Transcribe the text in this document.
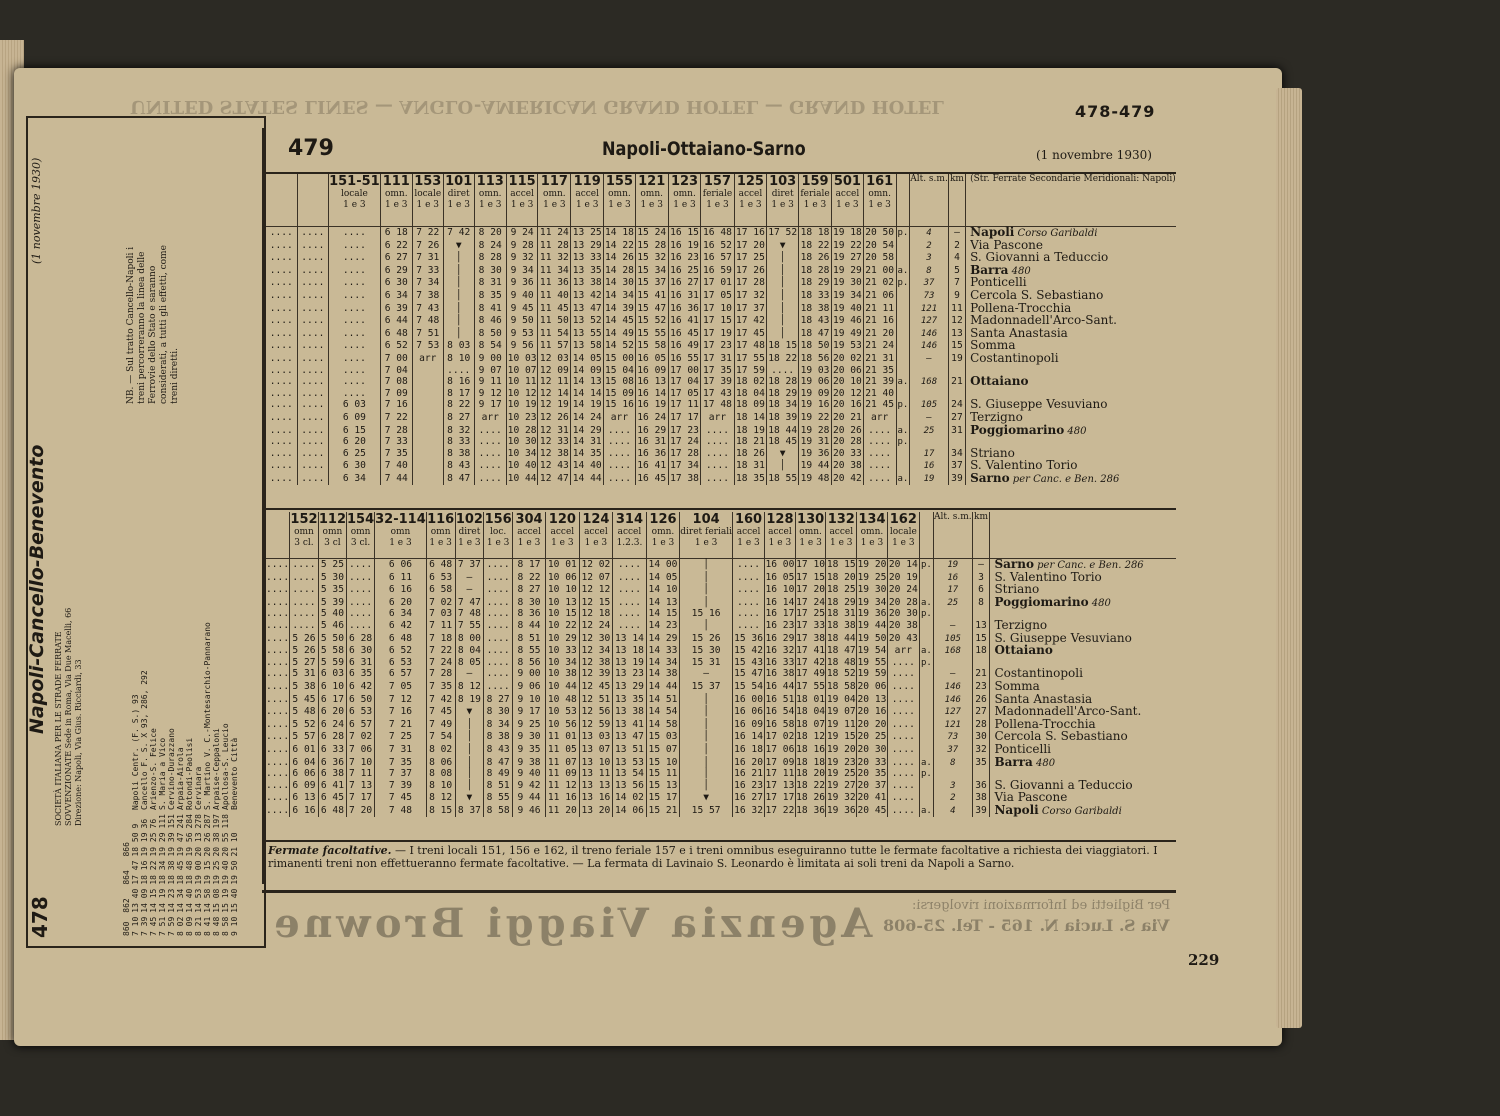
UNITED STATES LINES — ANGLO-AMERICAN GRAND HOTEL — GRAND HOTEL	478-479
478
Napoli-Cancello-Benevento
(1 novembre 1930)
SOCIETÀ ITALIANA PER LE STRADE FERRATE SOVVENZIONATE Sede in Roma, Via Due Macelli, 66 Direzione: Napoli, Via Gius. Ricciardi, 33
NB. — Sul tratto Cancello-Napoli i treni percorreranno la linea delle Ferrovie dello Stato e saranno considerati, a tutti gli effetti, come treni diretti.
860	862	864	866		
7 10	13 40	17 47	18 50	9	Napoli Centr. (F. S.) 93
7 39	14 09	18 16	19 19	36	Cancello F. S. X 93, 286, 292
7 45	14 15	18 22	19 25	76	Arienzo-S. Felice
7 51	14 19	18 34	19 29	111	S. Maria a Vico
7 59	14 23	18 38	19 39	151	Cervino-Durazzano
8 02	14 34	18 45	19 47	241	Arpaia-Airola
8 09	14 40	18 48	19 56	284	Rotondi-Paolisi
8 21	14 53	19 00	20 13	278	Cervinara
8 41	14 58	19 15	20 26	287	S. Martino V. C.-Montesarchio-Pannarano
8 48	15 08	19 25	20 38	197	Arpaise-Ceppaloni
8 58	15 19	19 40	20 55	118	Apollosa-S. Leucio
9 10	15 40	19 50	21 10		Benevento Città
479	Napoli-Ottaiano-Sarno	(1 novembre 1930)

		151-51
locale
1 e 3	111
omn.
1 e 3	153
locale
1 e 3	101
diret
1 e 3	113
omn.
1 e 3	115
accel
1 e 3	117
omn.
1 e 3	119
accel
1 e 3	155
omn.
1 e 3	121
omn.
1 e 3	123
omn.
1 e 3	157
feriale
1 e 3	125
accel
1 e 3	103
diret
1 e 3	159
feriale
1 e 3	501
accel
1 e 3	161
omn.
1 e 3		Alt. s.m.	km	(Str. Ferrate Secondarie Meridionali: Napoli)

....	....	....	6 18	7 22	7 42	8 20	9 24	11 24	13 25	14 18	15 24	16 15	16 48	17 16	17 52	18 18	19 18	20 50	p.	4	—	Napoli Corso Garibaldi
....	....	....	6 22	7 26	▼	8 24	9 28	11 28	13 29	14 22	15 28	16 19	16 52	17 20	▼	18 22	19 22	20 54		2	2	Via Pascone
....	....	....	6 27	7 31	│	8 28	9 32	11 32	13 33	14 26	15 32	16 23	16 57	17 25	│	18 26	19 27	20 58		3	4	S. Giovanni a Teduccio
....	....	....	6 29	7 33	│	8 30	9 34	11 34	13 35	14 28	15 34	16 25	16 59	17 26	│	18 28	19 29	21 00	a.	8	5	Barra 480
....	....	....	6 30	7 34	│	8 31	9 36	11 36	13 38	14 30	15 37	16 27	17 01	17 28	│	18 29	19 30	21 02	p.	37	7	Ponticelli
....	....	....	6 34	7 38	│	8 35	9 40	11 40	13 42	14 34	15 41	16 31	17 05	17 32	│	18 33	19 34	21 06		73	9	Cercola S. Sebastiano
....	....	....	6 39	7 43	│	8 41	9 45	11 45	13 47	14 39	15 47	16 36	17 10	17 37	│	18 38	19 40	21 11		121	11	Pollena-Trocchia
....	....	....	6 44	7 48	│	8 46	9 50	11 50	13 52	14 45	15 52	16 41	17 15	17 42	│	18 43	19 46	21 16		127	12	Madonnadell'Arco-Sant.
....	....	....	6 48	7 51	│	8 50	9 53	11 54	13 55	14 49	15 55	16 45	17 19	17 45	│	18 47	19 49	21 20		146	13	Santa Anastasia
....	....	....	6 52	7 53	8 03	8 54	9 56	11 57	13 58	14 52	15 58	16 49	17 23	17 48	18 15	18 50	19 53	21 24		146	15	Somma
....	....	....	7 00	arr	8 10	9 00	10 03	12 03	14 05	15 00	16 05	16 55	17 31	17 55	18 22	18 56	20 02	21 31		—	19	Costantinopoli
....	....	....	7 04		....	9 07	10 07	12 09	14 09	15 04	16 09	17 00	17 35	17 59	....	19 03	20 06	21 35				
....	....	....	7 08		8 16	9 11	10 11	12 11	14 13	15 08	16 13	17 04	17 39	18 02	18 28	19 06	20 10	21 39	a.	168	21	Ottaiano
....	....	....	7 09		8 17	9 12	10 12	12 14	14 14	15 09	16 14	17 05	17 43	18 04	18 29	19 09	20 12	21 40				
....	....	6 03	7 16		8 22	9 17	10 19	12 19	14 19	15 16	16 19	17 11	17 48	18 09	18 34	19 16	20 16	21 45	p.	105	24	S. Giuseppe Vesuviano
....	....	6 09	7 22		8 27	arr	10 23	12 26	14 24	arr	16 24	17 17	arr	18 14	18 39	19 22	20 21	arr		—	27	Terzigno
....	....	6 15	7 28		8 32	....	10 28	12 31	14 29	....	16 29	17 23	....	18 19	18 44	19 28	20 26	....	a.	25	31	Poggiomarino 480
....	....	6 20	7 33		8 33	....	10 30	12 33	14 31	....	16 31	17 24	....	18 21	18 45	19 31	20 28	....	p.			
....	....	6 25	7 35		8 38	....	10 34	12 38	14 35	....	16 36	17 28	....	18 26	▼	19 36	20 33	....		17	34	Striano
....	....	6 30	7 40		8 43	....	10 40	12 43	14 40	....	16 41	17 34	....	18 31	│	19 44	20 38	....		16	37	S. Valentino Torio
....	....	6 34	7 44		8 47	....	10 44	12 47	14 44	....	16 45	17 38	....	18 35	18 55	19 48	20 42	....	a.	19	39	Sarno per Canc. e Ben. 286

	152
omn
3 cl.	112
omn
3 cl	154
omn
3 cl.	32-114
omn
1 e 3	116
omn
1 e 3	102
diret
1 e 3	156
loc.
1 e 3	304
accel
1 e 3	120
accel
1 e 3	124
accel
1 e 3	314
accel
1.2.3.	126
omn.
1 e 3	104
diret feriali
1 e 3	160
accel
1 e 3	128
accel
1 e 3	130
omn.
1 e 3	132
accel
1 e 3	134
omn.
1 e 3	162
locale
1 e 3		Alt. s.m.	km	

....	....	5 25	....	6 06	6 48	7 37	....	8 17	10 01	12 02	....	14 00	│	....	16 00	17 10	18 15	19 20	20 14	p.	19	—	Sarno per Canc. e Ben. 286
....	....	5 30	....	6 11	6 53	—	....	8 22	10 06	12 07	....	14 05	│	....	16 05	17 15	18 20	19 25	20 19		16	3	S. Valentino Torio
....	....	5 35	....	6 16	6 58	—	....	8 27	10 10	12 12	....	14 10	│	....	16 10	17 20	18 25	19 30	20 24		17	6	Striano
....	....	5 39	....	6 20	7 02	7 47	....	8 30	10 13	12 15	....	14 13	│	....	16 14	17 24	18 29	19 34	20 28	a.	25	8	Poggiomarino 480
....	....	5 40	....	6 34	7 03	7 48	....	8 36	10 15	12 18	....	14 15	15 16	....	16 17	17 25	18 31	19 36	20 30	p.			
....	....	5 46	....	6 42	7 11	7 55	....	8 44	10 22	12 24	....	14 23	│	....	16 23	17 33	18 38	19 44	20 38		—	13	Terzigno
....	5 26	5 50	6 28	6 48	7 18	8 00	....	8 51	10 29	12 30	13 14	14 29	15 26	15 36	16 29	17 38	18 44	19 50	20 43		105	15	S. Giuseppe Vesuviano
....	5 26	5 58	6 30	6 52	7 22	8 04	....	8 55	10 33	12 34	13 18	14 33	15 30	15 42	16 32	17 41	18 47	19 54	arr	a.	168	18	Ottaiano
....	5 27	5 59	6 31	6 53	7 24	8 05	....	8 56	10 34	12 38	13 19	14 34	15 31	15 43	16 33	17 42	18 48	19 55	....	p.			
....	5 31	6 03	6 35	6 57	7 28	—	....	9 00	10 38	12 39	13 23	14 38	—	15 47	16 38	17 49	18 52	19 59	....		—	21	Costantinopoli
....	5 38	6 10	6 42	7 05	7 35	8 12	....	9 06	10 44	12 45	13 29	14 44	15 37	15 54	16 44	17 55	18 58	20 06	....		146	23	Somma
....	5 45	6 17	6 50	7 12	7 42	8 19	8 27	9 10	10 48	12 51	13 35	14 51	│	16 00	16 51	18 01	19 04	20 13	....		146	26	Santa Anastasia
....	5 48	6 20	6 53	7 16	7 45	▼	8 30	9 17	10 53	12 56	13 38	14 54	│	16 06	16 54	18 04	19 07	20 16	....		127	27	Madonnadell'Arco-Sant.
....	5 52	6 24	6 57	7 21	7 49	│	8 34	9 25	10 56	12 59	13 41	14 58	│	16 09	16 58	18 07	19 11	20 20	....		121	28	Pollena-Trocchia
....	5 57	6 28	7 02	7 25	7 54	│	8 38	9 30	11 01	13 03	13 47	15 03	│	16 14	17 02	18 12	19 15	20 25	....		73	30	Cercola S. Sebastiano
....	6 01	6 33	7 06	7 31	8 02	│	8 43	9 35	11 05	13 07	13 51	15 07	│	16 18	17 06	18 16	19 20	20 30	....		37	32	Ponticelli
....	6 04	6 36	7 10	7 35	8 06	│	8 47	9 38	11 07	13 10	13 53	15 10	│	16 20	17 09	18 18	19 23	20 33	....	a.	8	35	Barra 480
....	6 06	6 38	7 11	7 37	8 08	│	8 49	9 40	11 09	13 11	13 54	15 11	│	16 21	17 11	18 20	19 25	20 35	....	p.			
....	6 09	6 41	7 13	7 39	8 10	│	8 51	9 42	11 12	13 13	13 56	15 13	│	16 23	17 13	18 22	19 27	20 37	....		3	36	S. Giovanni a Teduccio
....	6 13	6 45	7 17	7 45	8 12	▼	8 55	9 44	11 16	13 16	14 02	15 17	▼	16 27	17 17	18 26	19 32	20 41	....		2	38	Via Pascone
....	6 16	6 48	7 20	7 48	8 15	8 37	8 58	9 46	11 20	13 20	14 06	15 21	15 57	16 32	17 22	18 36	19 36	20 45	....	a.	4	39	Napoli Corso Garibaldi
Fermate facoltative. — I treni locali 151, 156 e 162, il treno feriale 157 e i treni omnibus eseguiranno tutte le fermate facoltative a richiesta dei viaggiatori. I rimanenti treni non effettueranno fermate facoltative. — La fermata di Lavinaio S. Leonardo è limitata ai soli treni da Napoli a Sarno.
Agenzia Viaggi Browne	Per Biglietti ed Informazioni rivolgersi:
Via S. Lucia N. 165 - Tel. 25-608
229
